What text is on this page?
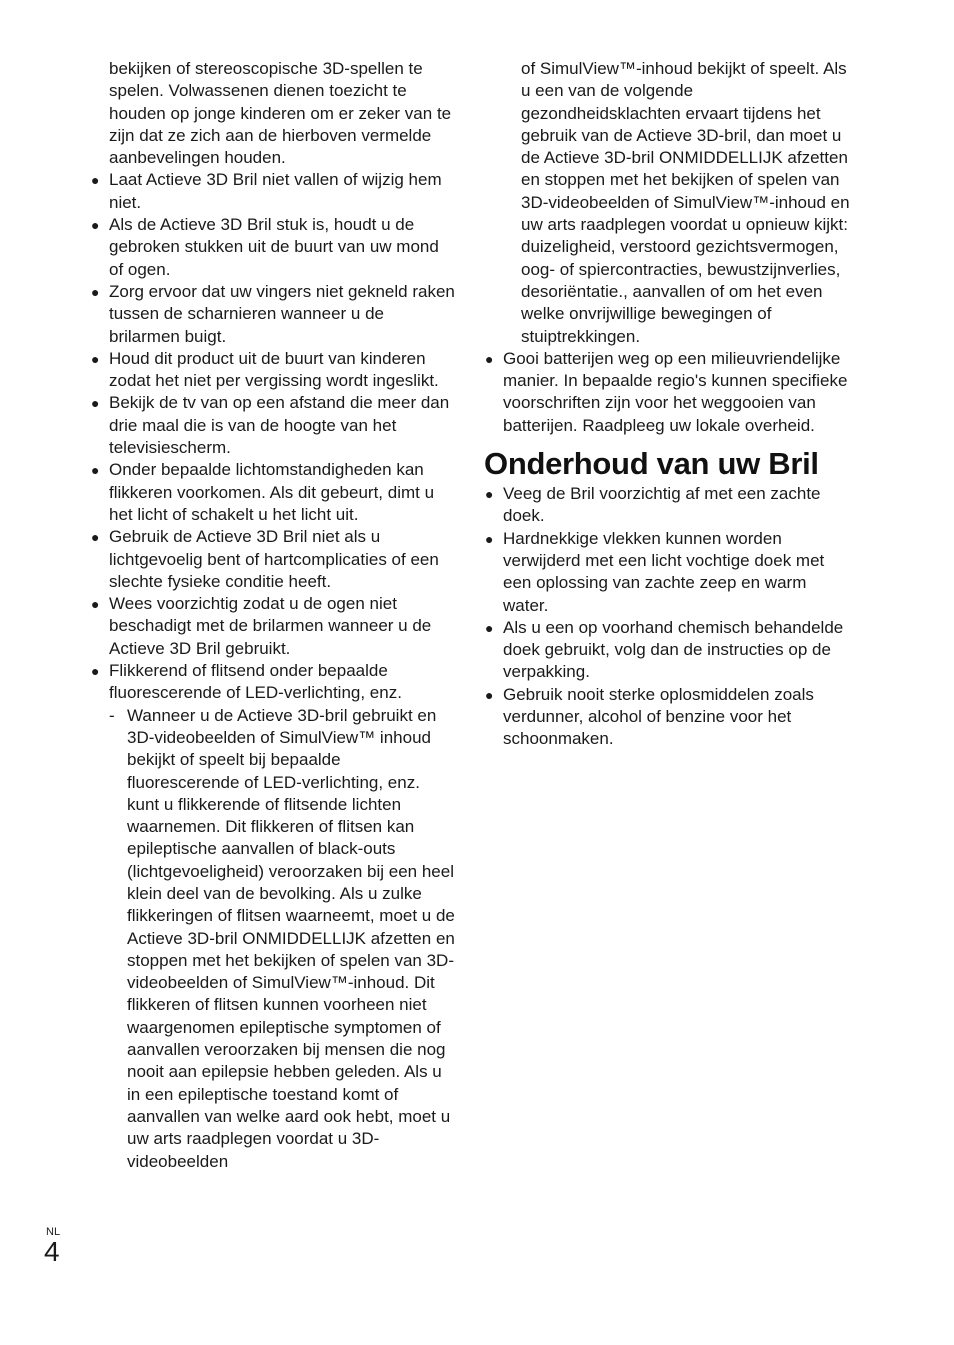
bekijken of stereoscopische 3D-spellen te spelen. Volwassenen dienen toezicht te houden op jonge kinderen om er zeker van te zijn dat ze zich aan de hierboven vermelde aanbevelingen houden.

● Laat Actieve 3D Bril niet vallen of wijzig hem niet.

● Als de Actieve 3D Bril stuk is, houdt u de gebroken stukken uit de buurt van uw mond of ogen.

● Zorg ervoor dat uw vingers niet gekneld raken tussen de scharnieren wanneer u de brilarmen buigt.

● Houd dit product uit de buurt van kinderen zodat het niet per vergissing wordt ingeslikt.

● Bekijk de tv van op een afstand die meer dan drie maal die is van de hoogte van het televisiescherm.

● Onder bepaalde lichtomstandigheden kan flikkeren voorkomen. Als dit gebeurt, dimt u het licht of schakelt u het licht uit.

● Gebruik de Actieve 3D Bril niet als u lichtgevoelig bent of hartcomplicaties of een slechte fysieke conditie heeft.

● Wees voorzichtig zodat u de ogen niet beschadigt met de brilarmen wanneer u de Actieve 3D Bril gebruikt.

● Flikkerend of flitsend onder bepaalde fluorescerende of LED-verlichting, enz.

- Wanneer u de Actieve 3D-bril gebruikt en 3D-videobeelden of SimulView™ inhoud bekijkt of speelt bij bepaalde fluorescerende of LED-verlichting, enz. kunt u flikkerende of flitsende lichten waarnemen. Dit flikkeren of flitsen kan epileptische aanvallen of black-outs (lichtgevoeligheid) veroorzaken bij een heel klein deel van de bevolking. Als u zulke flikkeringen of flitsen waarneemt, moet u de Actieve 3D-bril ONMIDDELLIJK afzetten en stoppen met het bekijken of spelen van 3D-videobeelden of SimulView™-inhoud. Dit flikkeren of flitsen kunnen voorheen niet waargenomen epileptische symptomen of aanvallen veroorzaken bij mensen die nog nooit aan epilepsie hebben geleden. Als u in een epileptische toestand komt of aanvallen van welke aard ook hebt, moet u uw arts raadplegen voordat u 3D-videobeelden

of SimulView™-inhoud bekijkt of speelt. Als u een van de volgende gezondheidsklachten ervaart tijdens het gebruik van de Actieve 3D-bril, dan moet u de Actieve 3D-bril ONMIDDELLIJK afzetten en stoppen met het bekijken of spelen van 3D-videobeelden of SimulView™-inhoud en uw arts raadplegen voordat u opnieuw kijkt: duizeligheid, verstoord gezichtsvermogen, oog- of spiercontracties, bewustzijnverlies, desoriëntatie., aanvallen of om het even welke onvrijwillige bewegingen of stuiptrekkingen.

● Gooi batterijen weg op een milieuvriendelijke manier. In bepaalde regio's kunnen specifieke voorschriften zijn voor het weggooien van batterijen. Raadpleeg uw lokale overheid.

Onderhoud van uw Bril

● Veeg de Bril voorzichtig af met een zachte doek.

● Hardnekkige vlekken kunnen worden verwijderd met een licht vochtige doek met een oplossing van zachte zeep en warm water.

● Als u een op voorhand chemisch behandelde doek gebruikt, volg dan de instructies op de verpakking.

● Gebruik nooit sterke oplosmiddelen zoals verdunner, alcohol of benzine voor het schoonmaken.

NL
4
